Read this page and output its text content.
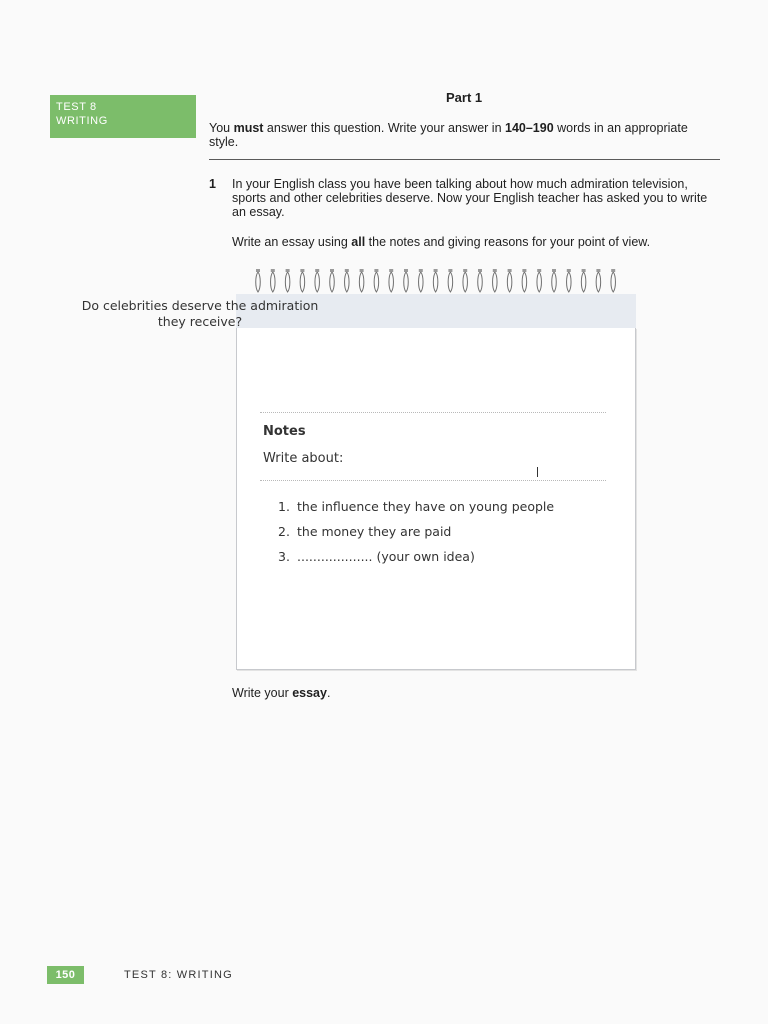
TEST 8
WRITING
Part 1
You must answer this question. Write your answer in 140–190 words in an appropriate style.
1 In your English class you have been talking about how much admiration television, sports and other celebrities deserve. Now your English teacher has asked you to write an essay.
Write an essay using all the notes and giving reasons for your point of view.
Do celebrities deserve the admiration
they receive?
Notes
Write about:
1. the influence they have on young people
2. the money they are paid
3. ................... (your own idea)
Write your essay.
150	TEST 8: WRITING
